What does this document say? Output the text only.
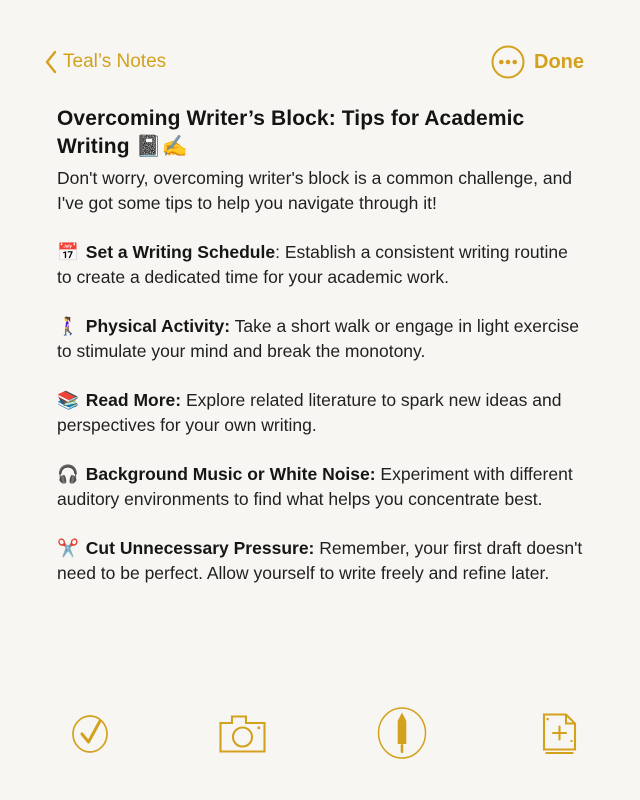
Teal’s Notes	Done
Overcoming Writer’s Block: Tips for Academic Writing 📓✍️

Don't worry, overcoming writer's block is a common challenge, and I've got some tips to help you navigate through it!

📅 Set a Writing Schedule: Establish a consistent writing routine to create a dedicated time for your academic work.

🚶‍♀️ Physical Activity: Take a short walk or engage in light exercise to stimulate your mind and break the monotony.

📚 Read More: Explore related literature to spark new ideas and perspectives for your own writing.

🎧 Background Music or White Noise: Experiment with different auditory environments to find what helps you concentrate best.

✂️ Cut Unnecessary Pressure: Remember, your first draft doesn't need to be perfect. Allow yourself to write freely and refine later.
